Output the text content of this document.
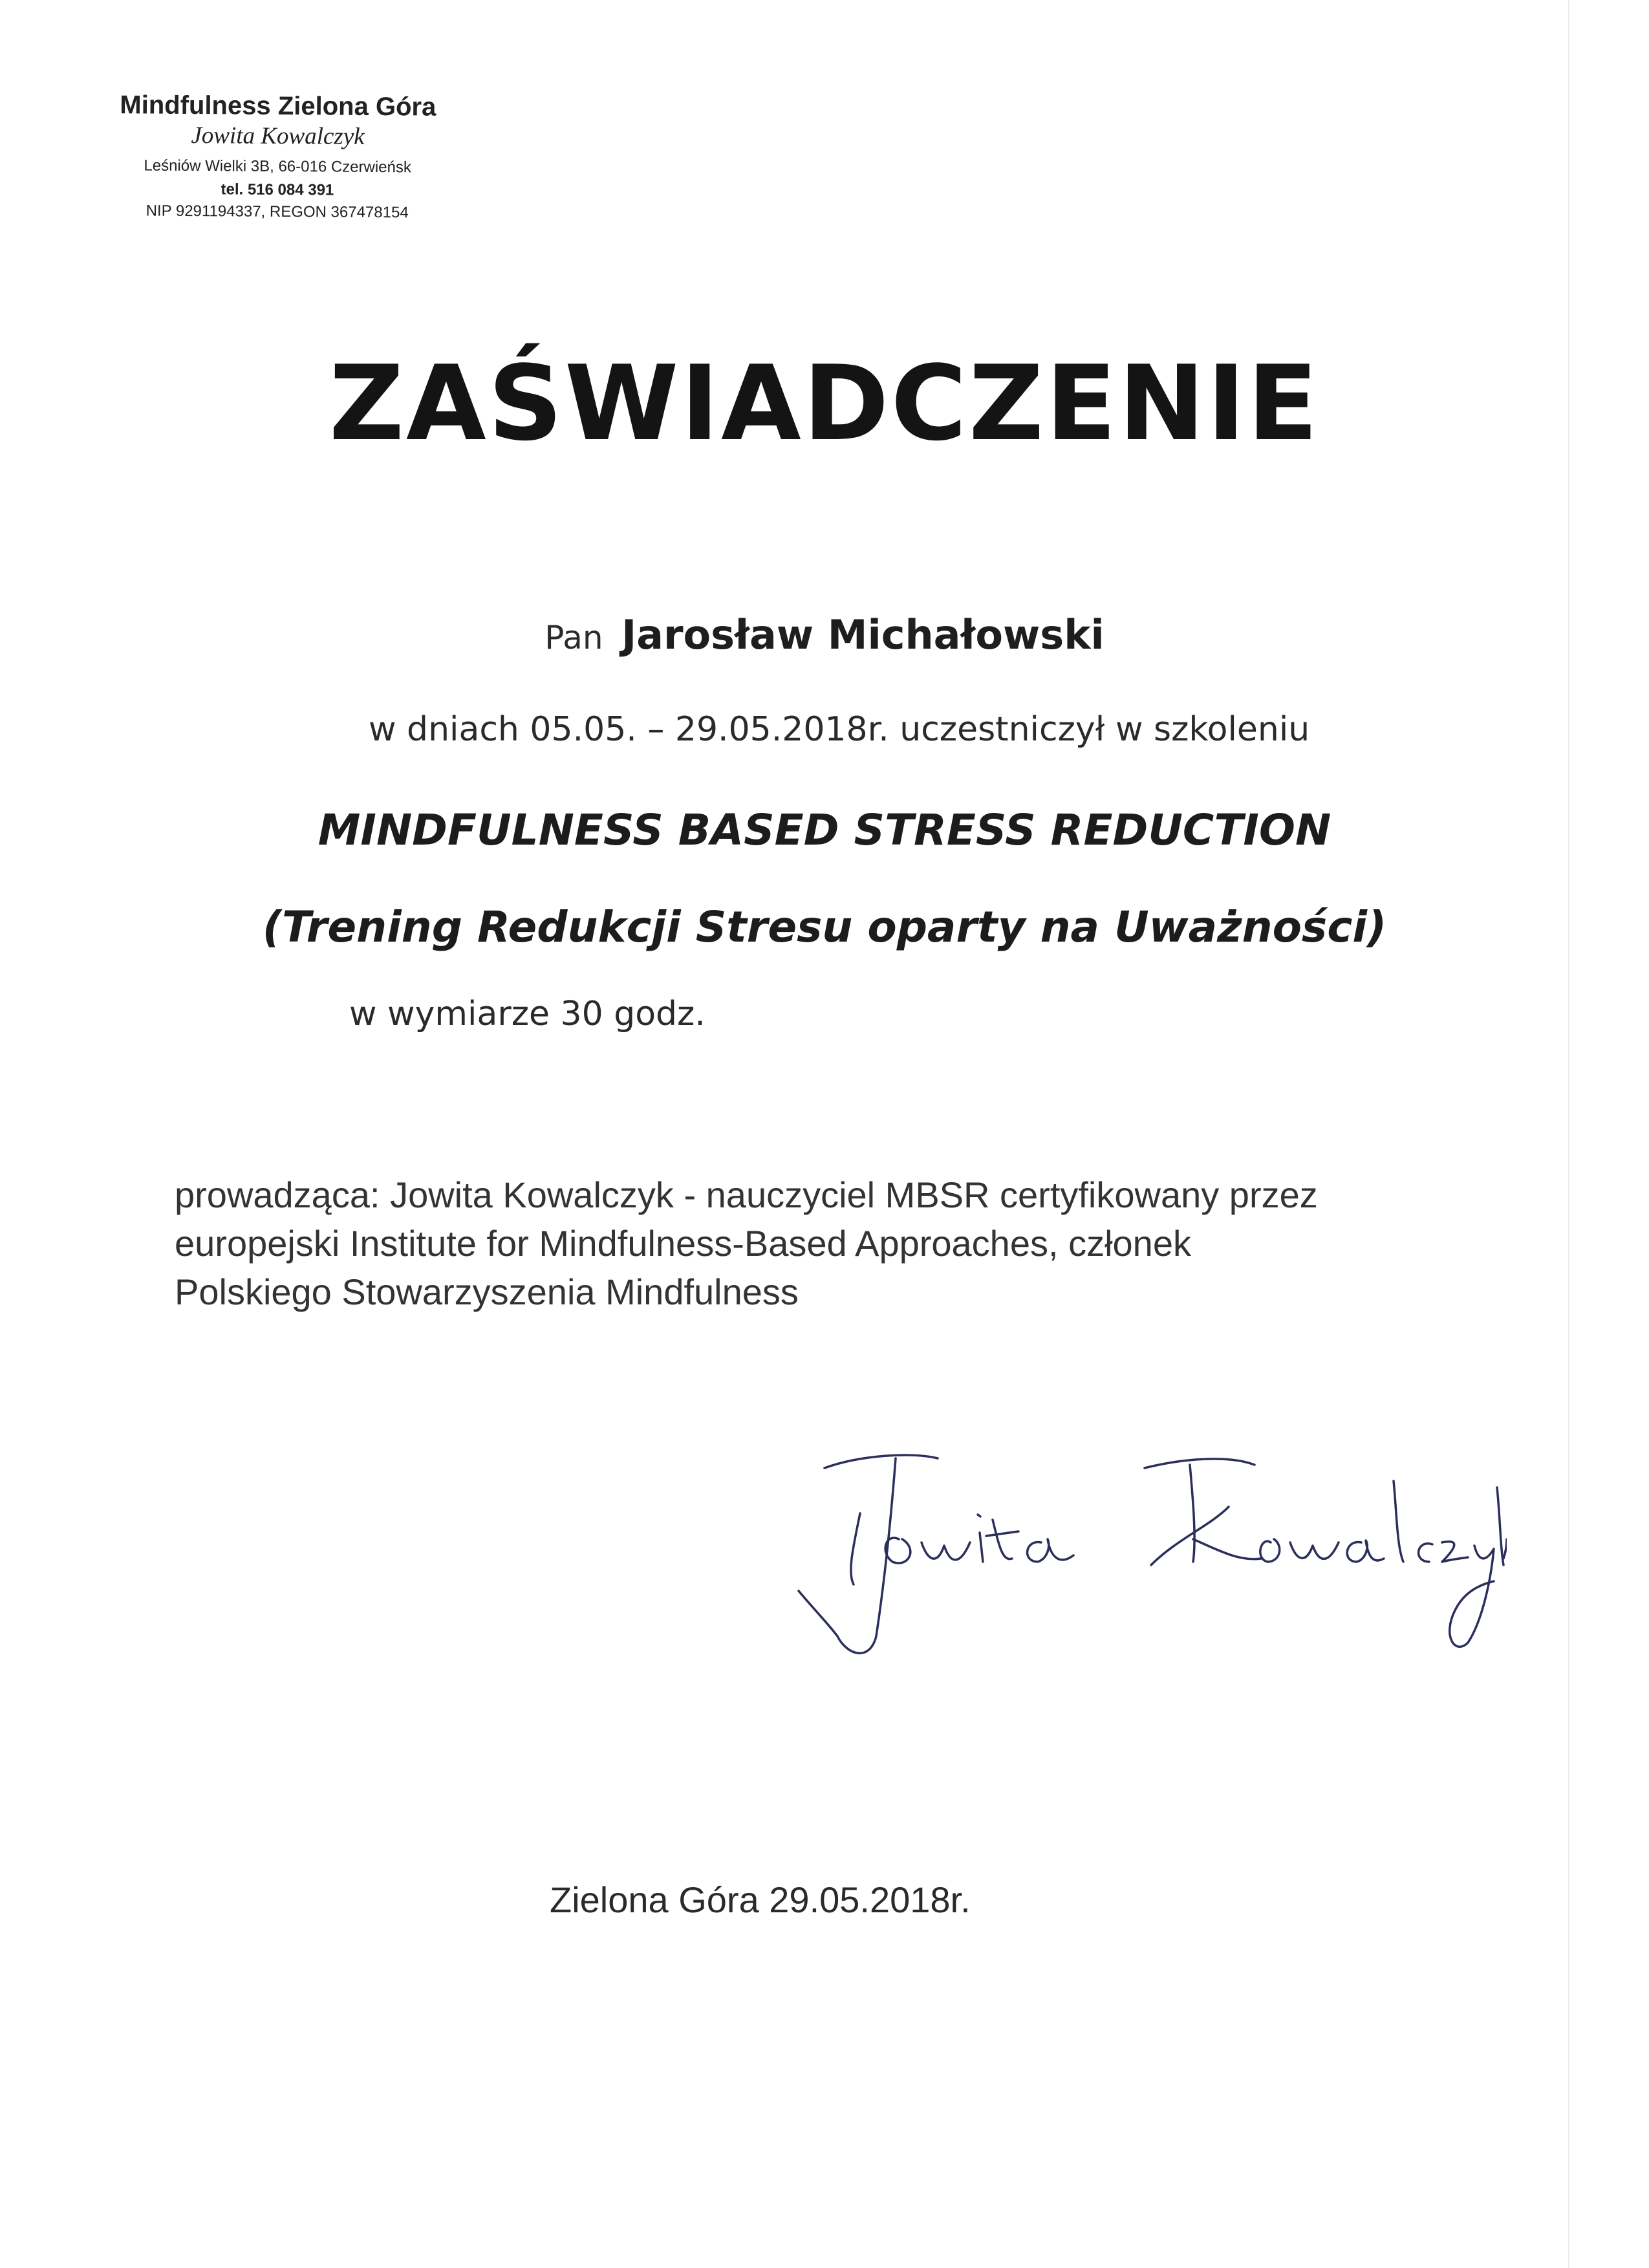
Mindfulness Zielona Góra
Jowita Kowalczyk
Leśniów Wielki 3B, 66-016 Czerwieńsk
tel. 516 084 391
NIP 9291194337, REGON 367478154
ZAŚWIADCZENIE
Pan Jarosław Michałowski
w dniach 05.05. – 29.05.2018r. uczestniczył w szkoleniu
MINDFULNESS BASED STRESS REDUCTION
(Trening Redukcji Stresu oparty na Uważności)
w wymiarze 30 godz.
prowadząca: Jowita Kowalczyk - nauczyciel MBSR certyfikowany przez
europejski Institute for Mindfulness-Based Approaches, członek
Polskiego Stowarzyszenia Mindfulness
Zielona Góra 29.05.2018r.
